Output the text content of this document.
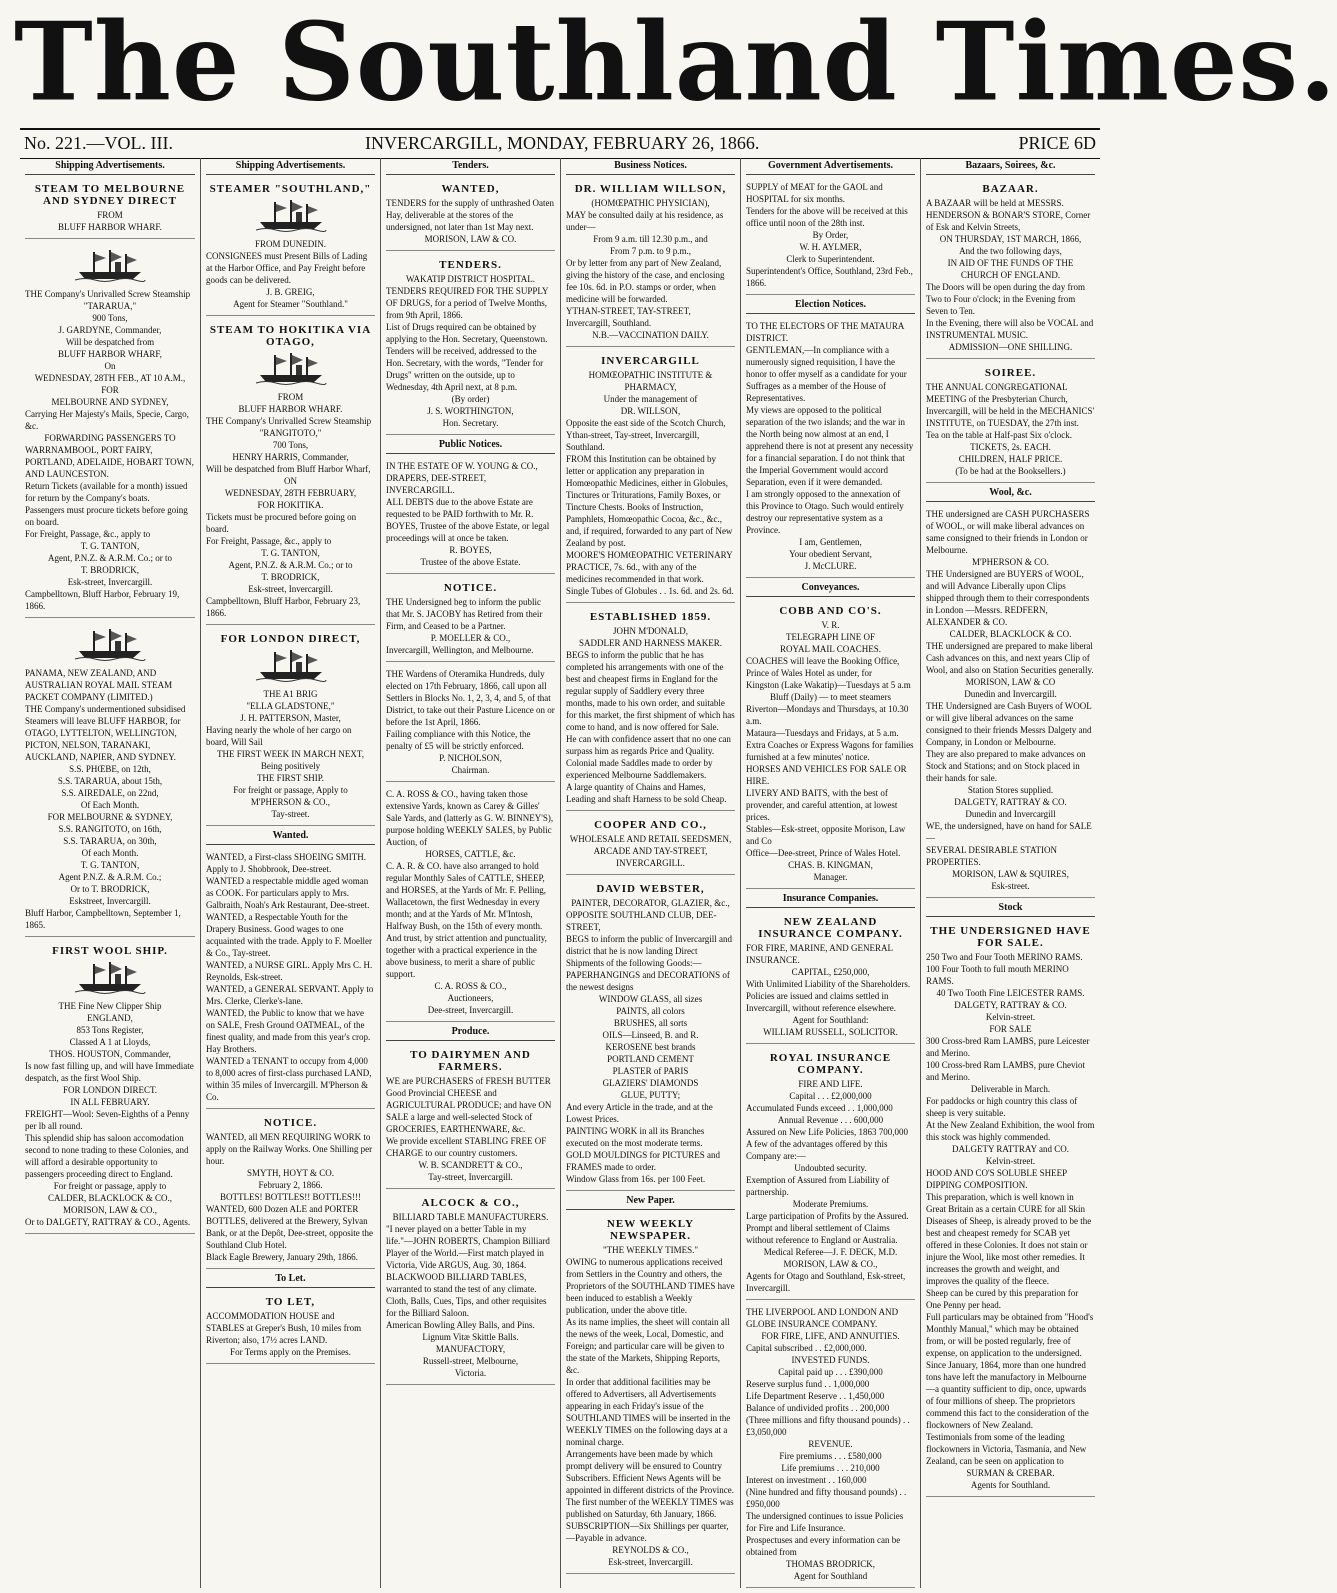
The Southland Times.
No. 221.—VOL. III.	INVERCARGILL, MONDAY, FEBRUARY 26, 1866.	PRICE 6D
Shipping Advertisements.
STEAM TO MELBOURNE AND SYDNEY DIRECT
FROM
BLUFF HARBOR WHARF.
THE Company's Unrivalled Screw Steamship
"TARARUA,"
900 Tons,
J. GARDYNE, Commander,
Will be despatched from
BLUFF HARBOR WHARF,
On
WEDNESDAY, 28TH FEB., AT 10 A.M.,
FOR
MELBOURNE AND SYDNEY,
Carrying Her Majesty's Mails, Specie, Cargo, &c.
FORWARDING PASSENGERS TO
WARRNAMBOOL, PORT FAIRY, PORTLAND, ADELAIDE, HOBART TOWN, AND LAUNCESTON.
Return Tickets (available for a month) issued for return by the Company's boats.
Passengers must procure tickets before going on board.
For Freight, Passage, &c., apply to
T. G. TANTON,
Agent, P.N.Z. & A.R.M. Co.; or to
T. BRODRICK,
Esk-street, Invercargill.
Campbelltown, Bluff Harbor, February 19, 1866.
PANAMA, NEW ZEALAND, AND AUSTRALIAN ROYAL MAIL STEAM PACKET COMPANY (LIMITED.)
THE Company's undermentioned subsidised Steamers will leave BLUFF HARBOR, for
OTAGO, LYTTELTON, WELLINGTON, PICTON, NELSON, TARANAKI, AUCKLAND, NAPIER, AND SYDNEY.
S.S. PHŒBE, on 12th,
S.S. TARARUA, about 15th,
S.S. AIREDALE, on 22nd,
Of Each Month.
FOR MELBOURNE & SYDNEY,
S.S. RANGITOTO, on 16th,
S.S. TARARUA, on 30th,
Of each Month.
T. G. TANTON,
Agent P.N.Z. & A.R.M. Co.;
Or to T. BRODRICK,
Eskstreet, Invercargill.
Bluff Harbor, Campbelltown, September 1, 1865.
FIRST WOOL SHIP.
THE Fine New Clipper Ship
ENGLAND,
853 Tons Register,
Classed A 1 at Lloyds,
THOS. HOUSTON, Commander,
Is now fast filling up, and will have Immediate despatch, as the first Wool Ship.
FOR LONDON DIRECT.
IN ALL FEBRUARY.
FREIGHT—Wool: Seven-Eighths of a Penny per lb all round.
This splendid ship has saloon accomodation second to none trading to these Colonies, and will afford a desirable opportunity to passengers proceeding direct to England.
For freight or passage, apply to
CALDER, BLACKLOCK & CO.,
MORISON, LAW & CO.,
Or to DALGETY, RATTRAY & CO., Agents.
Shipping Advertisements.
STEAMER "SOUTHLAND,"
FROM DUNEDIN.
CONSIGNEES must Present Bills of Lading at the Harbor Office, and Pay Freight before goods can be delivered.
J. B. GREIG,
Agent for Steamer "Southland."
STEAM TO HOKITIKA VIA OTAGO,
FROM
BLUFF HARBOR WHARF.
THE Company's Unrivalled Screw Steamship
"RANGITOTO,"
700 Tons,
HENRY HARRIS, Commander,
Will be despatched from Bluff Harbor Wharf,
ON
WEDNESDAY, 28TH FEBRUARY,
FOR HOKITIKA.
Tickets must be procured before going on board.
For Freight, Passage, &c., apply to
T. G. TANTON,
Agent, P.N.Z. & A.R.M. Co.; or to
T. BRODRICK,
Esk-street, Invercargill.
Campbelltown, Bluff Harbor, February 23, 1866.
FOR LONDON DIRECT,
THE A1 BRIG
"ELLA GLADSTONE,"
J. H. PATTERSON, Master,
Having nearly the whole of her cargo on board, Will Sail
THE FIRST WEEK IN MARCH NEXT,
Being positively
THE FIRST SHIP.
For freight or passage, Apply to
M'PHERSON & CO.,
Tay-street.
Wanted.
WANTED, a First-class SHOEING SMITH. Apply to J. Shobbrook, Dee-street.
WANTED a respectable middle aged woman as COOK. For particulars apply to Mrs. Galbraith, Noah's Ark Restaurant, Dee-street.
WANTED, a Respectable Youth for the Drapery Business. Good wages to one acquainted with the trade. Apply to F. Moeller & Co., Tay-street.
WANTED, a NURSE GIRL. Apply Mrs C. H. Reynolds, Esk-street.
WANTED, a GENERAL SERVANT. Apply to Mrs. Clerke, Clerke's-lane.
WANTED, the Public to know that we have on SALE, Fresh Ground OATMEAL, of the finest quality, and made from this year's crop. Hay Brothers.
WANTED a TENANT to occupy from 4,000 to 8,000 acres of first-class purchased LAND, within 35 miles of Invercargill. M'Pherson & Co.
NOTICE.
WANTED, all MEN REQUIRING WORK to apply on the Railway Works. One Shilling per hour.
SMYTH, HOYT & CO.
February 2, 1866.
BOTTLES! BOTTLES!! BOTTLES!!!
WANTED, 600 Dozen ALE and PORTER BOTTLES, delivered at the Brewery, Sylvan Bank, or at the Depôt, Dee-street, opposite the Southland Club Hotel.
Black Eagle Brewery, January 29th, 1866.
To Let.
TO LET,
ACCOMMODATION HOUSE and STABLES at Greper's Bush, 10 miles from Riverton; also, 17½ acres LAND.
For Terms apply on the Premises.
Tenders.
WANTED,
TENDERS for the supply of unthrashed Oaten Hay, deliverable at the stores of the undersigned, not later than 1st May next.
MORISON, LAW & CO.
TENDERS.
WAKATIP DISTRICT HOSPITAL.
TENDERS REQUIRED FOR THE SUPPLY OF DRUGS, for a period of Twelve Months, from 9th April, 1866.
List of Drugs required can be obtained by applying to the Hon. Secretary, Queenstown.
Tenders will be received, addressed to the Hon. Secretary, with the words, "Tender for Drugs" written on the outside, up to Wednesday, 4th April next, at 8 p.m.
(By order)
J. S. WORTHINGTON,
Hon. Secretary.
Public Notices.
IN THE ESTATE OF W. YOUNG & CO., DRAPERS, DEE-STREET, INVERCARGILL.
ALL DEBTS due to the above Estate are requested to be PAID forthwith to Mr. R. BOYES, Trustee of the above Estate, or legal proceedings will at once be taken.
R. BOYES,
Trustee of the above Estate.
NOTICE.
THE Undersigned beg to inform the public that Mr. S. JACOBY has Retired from their Firm, and Ceased to be a Partner.
P. MOELLER & CO.,
Invercargill, Wellington, and Melbourne.
THE Wardens of Oteramika Hundreds, duly elected on 17th February, 1866, call upon all Settlers in Blocks No. 1, 2, 3, 4, and 5, of that District, to take out their Pasture Licence on or before the 1st April, 1866.
Failing compliance with this Notice, the penalty of £5 will be strictly enforced.
P. NICHOLSON,
Chairman.
C. A. ROSS & CO., having taken those extensive Yards, known as Carey & Gilles' Sale Yards, and (latterly as G. W. BINNEY'S), purpose holding WEEKLY SALES, by Public Auction, of
HORSES, CATTLE, &c.
C. A. R. & CO. have also arranged to hold regular Monthly Sales of CATTLE, SHEEP, and HORSES, at the Yards of Mr. F. Pelling, Wallacetown, the first Wednesday in every month; and at the Yards of Mr. M'Intosh, Halfway Bush, on the 15th of every month.
And trust, by strict attention and punctuality, together with a practical experience in the above business, to merit a share of public support.
C. A. ROSS & CO.,
Auctioneers,
Dee-street, Invercargill.
Produce.
TO DAIRYMEN AND FARMERS.
WE are PURCHASERS of FRESH BUTTER Good Provincial CHEESE and AGRICULTURAL PRODUCE; and have ON SALE a large and well-selected Stock of GROCERIES, EARTHENWARE, &c.
We provide excellent STABLING FREE OF CHARGE to our country customers.
W. B. SCANDRETT & CO.,
Tay-street, Invercargill.
ALCOCK & CO.,
BILLIARD TABLE MANUFACTURERS.
"I never played on a better Table in my life."—JOHN ROBERTS, Champion Billiard Player of the World.—First match played in Victoria, Vide ARGUS, Aug. 30, 1864.
BLACKWOOD BILLIARD TABLES, warranted to stand the test of any climate.
Cloth, Balls, Cues, Tips, and other requisites for the Billiard Saloon.
American Bowling Alley Balls, and Pins.
Lignum Vitæ Skittle Balls.
MANUFACTORY,
Russell-street, Melbourne,
Victoria.
Business Notices.
DR. WILLIAM WILLSON,
(HOMŒPATHIC PHYSICIAN),
MAY be consulted daily at his residence, as under—
From 9 a.m. till 12.30 p.m., and
From 7 p.m. to 9 p.m.,
Or by letter from any part of New Zealand, giving the history of the case, and enclosing fee 10s. 6d. in P.O. stamps or order, when medicine will be forwarded.
YTHAN-STREET, TAY-STREET, Invercargill, Southland.
N.B.—VACCINATION DAILY.
INVERCARGILL
HOMŒOPATHIC INSTITUTE & PHARMACY,
Under the management of
DR. WILLSON,
Opposite the east side of the Scotch Church, Ythan-street, Tay-street, Invercargill, Southland.
FROM this Institution can be obtained by letter or application any preparation in Homœopathic Medicines, either in Globules, Tinctures or Triturations, Family Boxes, or Tincture Chests. Books of Instruction, Pamphlets, Homœopathic Cocoa, &c., &c., and, if required, forwarded to any part of New Zealand by post.
MOORE'S HOMŒOPATHIC VETERINARY PRACTICE, 7s. 6d., with any of the medicines recommended in that work.
Single Tubes of Globules . . 1s. 6d. and 2s. 6d.
ESTABLISHED 1859.
JOHN M'DONALD,
SADDLER AND HARNESS MAKER.
BEGS to inform the public that he has completed his arrangements with one of the best and cheapest firms in England for the regular supply of Saddlery every three months, made to his own order, and suitable for this market, the first shipment of which has come to hand, and is now offered for Sale.
He can with confidence assert that no one can surpass him as regards Price and Quality.
Colonial made Saddles made to order by experienced Melbourne Saddlemakers.
A large quantity of Chains and Hames, Leading and shaft Harness to be sold Cheap.
COOPER AND CO.,
WHOLESALE AND RETAIL SEEDSMEN,
ARCADE AND TAY-STREET,
INVERCARGILL.
DAVID WEBSTER,
PAINTER, DECORATOR, GLAZIER, &c.,
OPPOSITE SOUTHLAND CLUB, DEE-STREET,
BEGS to inform the public of Invercargill and district that he is now landing Direct Shipments of the following Goods:—
PAPERHANGINGS and DECORATIONS of the newest designs
WINDOW GLASS, all sizes
PAINTS, all colors
BRUSHES, all sorts
OILS—Linseed, B. and R.
KEROSENE best brands
PORTLAND CEMENT
PLASTER of PARIS
GLAZIERS' DIAMONDS
GLUE, PUTTY;
And every Article in the trade, and at the Lowest Prices.
PAINTING WORK in all its Branches executed on the most moderate terms.
GOLD MOULDINGS for PICTURES and FRAMES made to order.
Window Glass from 16s. per 100 Feet.
New Paper.
NEW WEEKLY NEWSPAPER.
"THE WEEKLY TIMES."
OWING to numerous applications received from Settlers in the Country and others, the Proprietors of the SOUTHLAND TIMES have been induced to establish a Weekly publication, under the above title.
As its name implies, the sheet will contain all the news of the week, Local, Domestic, and Foreign; and particular care will be given to the state of the Markets, Shipping Reports, &c.
In order that additional facilities may be offered to Advertisers, all Advertisements appearing in each Friday's issue of the SOUTHLAND TIMES will be inserted in the WEEKLY TIMES on the following days at a nominal charge.
Arrangements have been made by which prompt delivery will be ensured to Country Subscribers. Efficient News Agents will be appointed in different districts of the Province.
The first number of the WEEKLY TIMES was published on Saturday, 6th January, 1866.
SUBSCRIPTION—Six Shillings per quarter,—Payable in advance.
REYNOLDS & CO.,
Esk-street, Invercargill.
Government Advertisements.
SUPPLY of MEAT for the GAOL and HOSPITAL for six months.
Tenders for the above will be received at this office until noon of the 28th inst.
By Order,
W. H. AYLMER,
Clerk to Superintendent.
Superintendent's Office, Southland, 23rd Feb., 1866.
Election Notices.
TO THE ELECTORS OF THE MATAURA DISTRICT.
GENTLEMAN,—In compliance with a numerously signed requisition, I have the honor to offer myself as a candidate for your Suffrages as a member of the House of Representatives.
My views are opposed to the political separation of the two islands; and the war in the North being now almost at an end, I apprehend there is not at present any necessity for a financial separation. I do not think that the Imperial Government would accord Separation, even if it were demanded.
I am strongly opposed to the annexation of this Province to Otago. Such would entirely destroy our representative system as a Province.
I am, Gentlemen,
Your obedient Servant,
J. McCLURE.
Conveyances.
COBB AND CO'S.
V. R.
TELEGRAPH LINE OF
ROYAL MAIL COACHES.
COACHES will leave the Booking Office, Prince of Wales Hotel as under, for
Kingston (Lake Wakatip)—Tuesdays at 5 a.m
Bluff (Daily) — to meet steamers
Riverton—Mondays and Thursdays, at 10.30 a.m.
Mataura—Tuesdays and Fridays, at 5 a.m.
Extra Coaches or Express Wagons for families furnished at a few minutes' notice.
HORSES AND VEHICLES FOR SALE OR HIRE.
LIVERY AND BAITS, with the best of provender, and careful attention, at lowest prices.
Stables—Esk-street, opposite Morison, Law and Co
Office—Dee-street, Prince of Wales Hotel.
CHAS. B. KINGMAN,
Manager.
Insurance Companies.
NEW ZEALAND INSURANCE COMPANY.
FOR FIRE, MARINE, AND GENERAL INSURANCE.
CAPITAL, £250,000,
With Unlimited Liability of the Shareholders.
Policies are issued and claims settled in Invercargill, without reference elsewhere.
Agent for Southland:
WILLIAM RUSSELL, SOLICITOR.
ROYAL INSURANCE COMPANY.
FIRE AND LIFE.
Capital . . . £2,000,000
Accumulated Funds exceed . . 1,000,000
Annual Revenue . . . 600,000
Assured on New Life Policies, 1863 700,000
A few of the advantages offered by this Company are:—
Undoubted security.
Exemption of Assured from Liability of partnership.
Moderate Premiums.
Large participation of Profits by the Assured.
Prompt and liberal settlement of Claims without reference to England or Australia.
Medical Referee—J. F. DECK, M.D.
MORISON, LAW & CO.,
Agents for Otago and Southland, Esk-street, Invercargill.
THE LIVERPOOL AND LONDON AND GLOBE INSURANCE COMPANY.
FOR FIRE, LIFE, AND ANNUITIES.
Capital subscribed . . £2,000,000.
INVESTED FUNDS.
Capital paid up . . . £390,000
Reserve surplus fund . . 1,000,000
Life Department Reserve . . 1,450,000
Balance of undivided profits . . 200,000
(Three millions and fifty thousand pounds) . . £3,050,000
REVENUE.
Fire premiums . . . £580,000
Life premiums . . . 210,000
Interest on investment . . 160,000
(Nine hundred and fifty thousand pounds) . . £950,000
The undersigned continues to issue Policies for Fire and Life Insurance.
Prospectuses and every information can be obtained from
THOMAS BRODRICK,
Agent for Southland
Bazaars, Soirees, &c.
BAZAAR.
A BAZAAR will be held at MESSRS. HENDERSON & BONAR'S STORE, Corner of Esk and Kelvin Streets,
ON THURSDAY, 1ST MARCH, 1866,
And the two following days,
IN AID OF THE FUNDS OF THE
CHURCH OF ENGLAND.
The Doors will be open during the day from Two to Four o'clock; in the Evening from Seven to Ten.
In the Evening, there will also be VOCAL and INSTRUMENTAL MUSIC.
ADMISSION—ONE SHILLING.
SOIREE.
THE ANNUAL CONGREGATIONAL MEETING of the Presbyterian Church, Invercargill, will be held in the MECHANICS' INSTITUTE, on TUESDAY, the 27th inst.
Tea on the table at Half-past Six o'clock.
TICKETS, 2s. EACH.
CHILDREN, HALF PRICE.
(To be had at the Booksellers.)
Wool, &c.
THE undersigned are CASH PURCHASERS of WOOL, or will make liberal advances on same consigned to their friends in London or Melbourne.
M'PHERSON & CO.
THE Undersigned are BUYERS of WOOL, and will Advance Liberally upon Clips shipped through them to their correspondents in London —Messrs. REDFERN, ALEXANDER & CO.
CALDER, BLACKLOCK & CO.
THE undersigned are prepared to make liberal Cash advances on this, and next years Clip of Wool, and also on Station Securities generally.
MORISON, LAW & CO
Dunedin and Invercargill.
THE Undersigned are Cash Buyers of WOOL or will give liberal advances on the same consigned to their friends Messrs Dalgety and Company, in London or Melbourne.
They are also prepared to make advances on Stock and Stations; and on Stock placed in their hands for sale.
Station Stores supplied.
DALGETY, RATTRAY & CO.
Dunedin and Invercargill
WE, the undersigned, have on hand for SALE—
SEVERAL DESIRABLE STATION PROPERTIES.
MORISON, LAW & SQUIRES,
Esk-street.
Stock
THE UNDERSIGNED HAVE FOR SALE.
250 Two and Four Tooth MERINO RAMS.
100 Four Tooth to full mouth MERINO RAMS.
40 Two Tooth Fine LEICESTER RAMS.
DALGETY, RATTRAY & CO.
Kelvin-street.
FOR SALE
300 Cross-bred Ram LAMBS, pure Leicester and Merino.
100 Cross-bred Ram LAMBS, pure Cheviot and Merino.
Deliverable in March.
For paddocks or high country this class of sheep is very suitable.
At the New Zealand Exhibition, the wool from this stock was highly commended.
DALGETY RATTRAY and CO.
Kelvin-street.
HOOD AND CO'S SOLUBLE SHEEP DIPPING COMPOSITION.
This preparation, which is well known in Great Britain as a certain CURE for all Skin Diseases of Sheep, is already proved to be the best and cheapest remedy for SCAB yet offered in these Colonies. It does not stain or injure the Wool, like most other remedies. It increases the growth and weight, and improves the quality of the fleece.
Sheep can be cured by this preparation for One Penny per head.
Full particulars may be obtained from "Hood's Monthly Manual," which may be obtained from, or will be posted regularly, free of expense, on application to the undersigned.
Since January, 1864, more than one hundred tons have left the manufactory in Melbourne—a quantity sufficient to dip, once, upwards of four millions of sheep. The proprietors commend this fact to the consideration of the flockowners of New Zealand.
Testimonials from some of the leading flockowners in Victoria, Tasmania, and New Zealand, can be seen on application to
SURMAN & CREBAR.
Agents for Southland.
